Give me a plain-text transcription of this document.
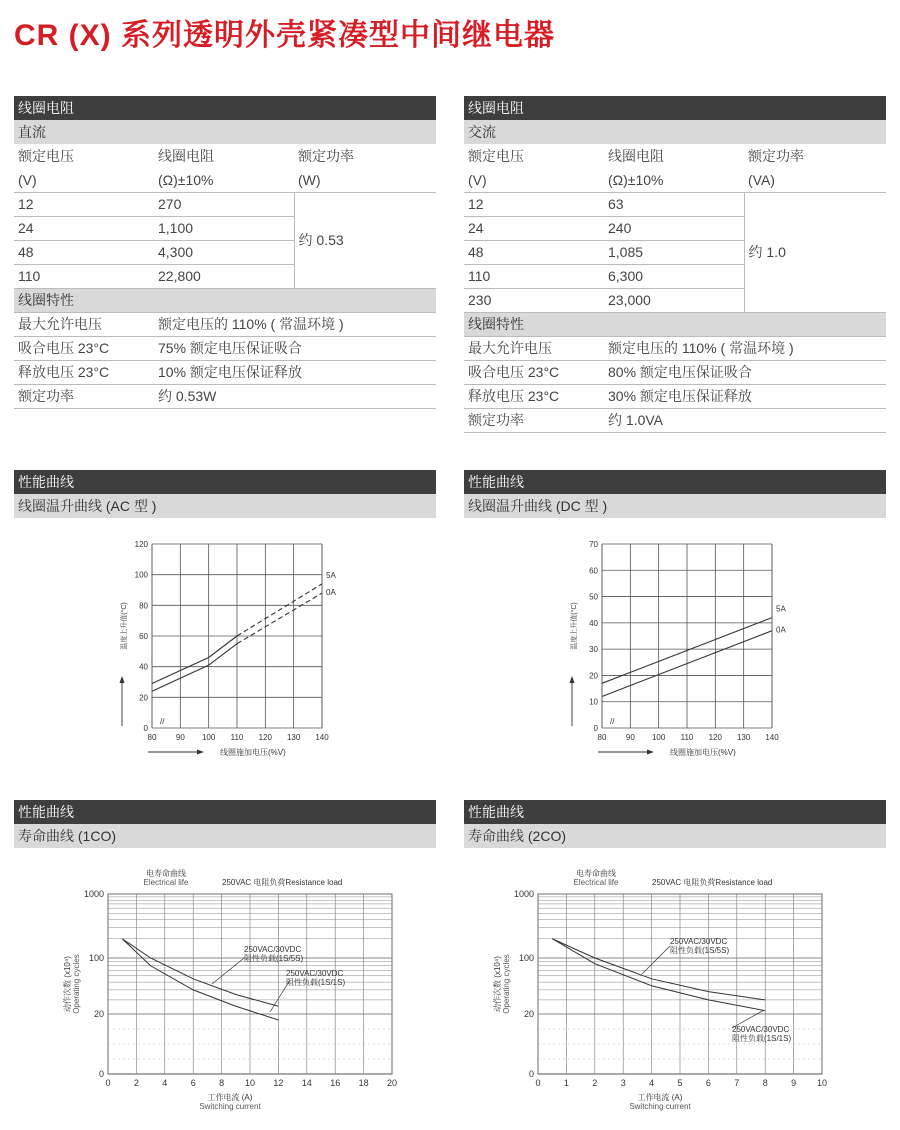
CR (X) 系列透明外壳紧凑型中间继电器
线圈电阻
直流
额定电压	线圈电阻	额定功率
(V)	(Ω)±10%	(W)
12	270	约 0.53
24	1,100	
48	4,300	
110	22,800	
线圈特性		
最大允许电压	额定电压的 110% ( 常温环境 )	
吸合电压 23°C	75% 额定电压保证吸合	
释放电压 23°C	10% 额定电压保证释放	
额定功率	约 0.53W	
线圈电阻
交流
额定电压	线圈电阻	额定功率
(V)	(Ω)±10%	(VA)
12	63	约 1.0
24	240	
48	1,085	
110	6,300	
230	23,000	
线圈特性		
最大允许电压	额定电压的 110% ( 常温环境 )	
吸合电压 23°C	80% 额定电压保证吸合	
释放电压 23°C	30% 额定电压保证释放	
额定功率	约 1.0VA	
性能曲线
线圈温升曲线 (AC 型 )
性能曲线
线圈温升曲线 (DC 型 )
性能曲线
寿命曲线 (1CO)
性能曲线
寿命曲线 (2CO)
80 90 100 110 120 130 140
0
20
40
60
80
100
120
//
5A
0A
温度上升值(°C)
线圈施加电压(%V)
80 90 100 110 120 130 140
0
10
20
30
40
50
60
70
//
5A
0A
温度上升值(°C)
线圈施加电压(%V)
0	2	4	6	8 10 12 14 16 18 20
0
20
100
1000
电寿命曲线
Electrical life	250VAC 电阻负荷Resistance load
工作电流 (A)
Switching current
动作次数 (x10⁴) Operating cycles
250VAC/30VDC
阻性负载(1S/5S)
250VAC/30VDC
阻性负载(1S/1S)
0	1	2	3	4	5	6	7	8	9 10
0
20
100
1000
电寿命曲线
Electrical life	250VAC 电阻负荷Resistance load
工作电流 (A)
Switching current
动作次数 (x10⁴) Operating cycles
250VAC/30VDC
阻性负载(1S/5S)
250VAC/30VDC
阻性负载(1S/1S)
